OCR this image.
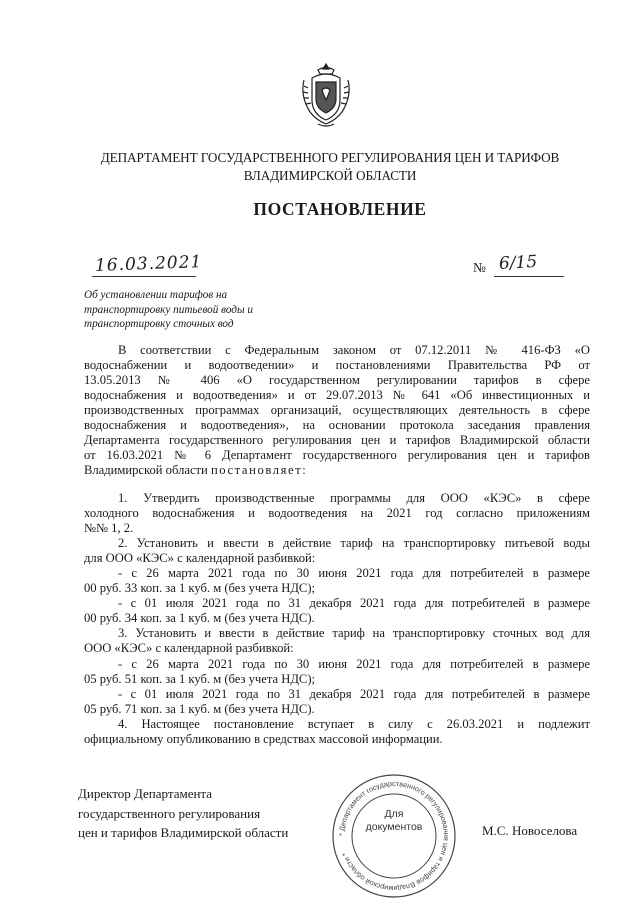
ДЕПАРТАМЕНТ ГОСУДАРСТВЕННОГО РЕГУЛИРОВАНИЯ ЦЕН И ТАРИФОВ
ВЛАДИМИРСКОЙ ОБЛАСТИ
ПОСТАНОВЛЕНИЕ
16.03.2021	№ 6/15
Об установлении тарифов на
транспортировку питьевой воды и
транспортировку сточных вод
В соответствии с Федеральным законом от 07.12.2011 № 416-ФЗ «О
водоснабжении и водоотведении» и постановлениями Правительства РФ от
13.05.2013 № 406 «О государственном регулировании тарифов в сфере
водоснабжения и водоотведения» и от 29.07.2013 № 641 «Об инвестиционных и
производственных программах организаций, осуществляющих деятельность в сфере
водоснабжения и водоотведения», на основании протокола заседания правления
Департамента государственного регулирования цен и тарифов Владимирской области
от 16.03.2021 № 6 Департамент государственного регулирования цен и тарифов
Владимирской области постановляет:
1. Утвердить производственные программы для ООО «КЭС» в сфере
холодного водоснабжения и водоотведения на 2021 год согласно приложениям
№№ 1, 2.
2. Установить и ввести в действие тариф на транспортировку питьевой воды
для ООО «КЭС» с календарной разбивкой:
- с 26 марта 2021 года по 30 июня 2021 года для потребителей в размере
00 руб. 33 коп. за 1 куб. м (без учета НДС);
- с 01 июля 2021 года по 31 декабря 2021 года для потребителей в размере
00 руб. 34 коп. за 1 куб. м (без учета НДС).
3. Установить и ввести в действие тариф на транспортировку сточных вод для
ООО «КЭС» с календарной разбивкой:
- с 26 марта 2021 года по 30 июня 2021 года для потребителей в размере
05 руб. 51 коп. за 1 куб. м (без учета НДС);
- с 01 июля 2021 года по 31 декабря 2021 года для потребителей в размере
05 руб. 71 коп. за 1 куб. м (без учета НДС).
4. Настоящее постановление вступает в силу с 26.03.2021 и подлежит
официальному опубликованию в средствах массовой информации.
Директор Департамента
государственного регулирования
цен и тарифов Владимирской области	М.С. Новоселова
* Департамент государственного регулирования цен и тарифов Владимирской области *
Для
документов
